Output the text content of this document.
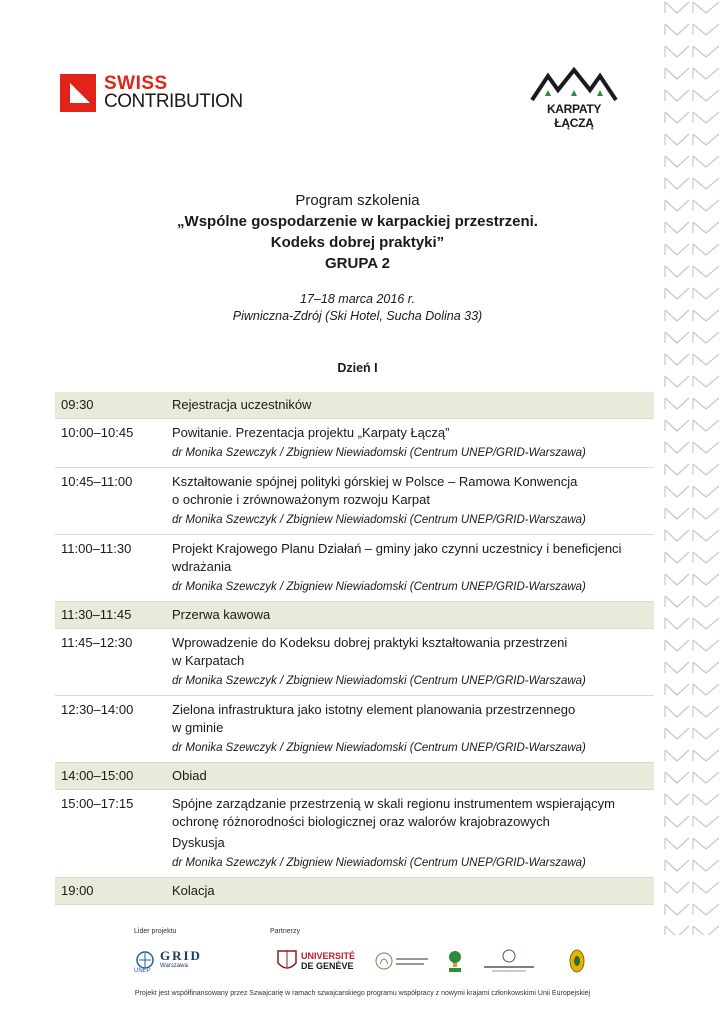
SWISS
CONTRIBUTION	KARPATY ŁĄCZĄ
Program szkolenia
„Wspólne gospodarzenie w karpackiej przestrzeni.
Kodeks dobrej praktyki”
GRUPA 2
17–18 marca 2016 r.
Piwniczna-Zdrój (Ski Hotel, Sucha Dolina 33)
Dzień I
09:30	Rejestracja uczestników
10:00–10:45	Powitanie. Prezentacja projektu „Karpaty Łączą”
dr Monika Szewczyk / Zbigniew Niewiadomski (Centrum UNEP/GRID-Warszawa)
10:45–11:00	Kształtowanie spójnej polityki górskiej w Polsce – Ramowa Konwencja
o ochronie i zrównoważonym rozwoju Karpat
dr Monika Szewczyk / Zbigniew Niewiadomski (Centrum UNEP/GRID-Warszawa)
11:00–11:30	Projekt Krajowego Planu Działań – gminy jako czynni uczestnicy i beneficjenci
wdrażania
dr Monika Szewczyk / Zbigniew Niewiadomski (Centrum UNEP/GRID-Warszawa)
11:30–11:45	Przerwa kawowa
11:45–12:30	Wprowadzenie do Kodeksu dobrej praktyki kształtowania przestrzeni
w Karpatach
dr Monika Szewczyk / Zbigniew Niewiadomski (Centrum UNEP/GRID-Warszawa)
12:30–14:00	Zielona infrastruktura jako istotny element planowania przestrzennego
w gminie
dr Monika Szewczyk / Zbigniew Niewiadomski (Centrum UNEP/GRID-Warszawa)
14:00–15:00	Obiad
15:00–17:15	Spójne zarządzanie przestrzenią w skali regionu instrumentem wspierającym
ochronę różnorodności biologicznej oraz walorów krajobrazowych
Dyskusja
dr Monika Szewczyk / Zbigniew Niewiadomski (Centrum UNEP/GRID-Warszawa)
19:00	Kolacja
Lider projektu	Partnerzy
GRID
Warszawa
UNEP
UNIVERSITÉ
DE GENÈVE
Projekt jest współfinansowany przez Szwajcarię w ramach szwajcarskiego programu współpracy z nowymi krajami członkowskimi Unii Europejskiej
